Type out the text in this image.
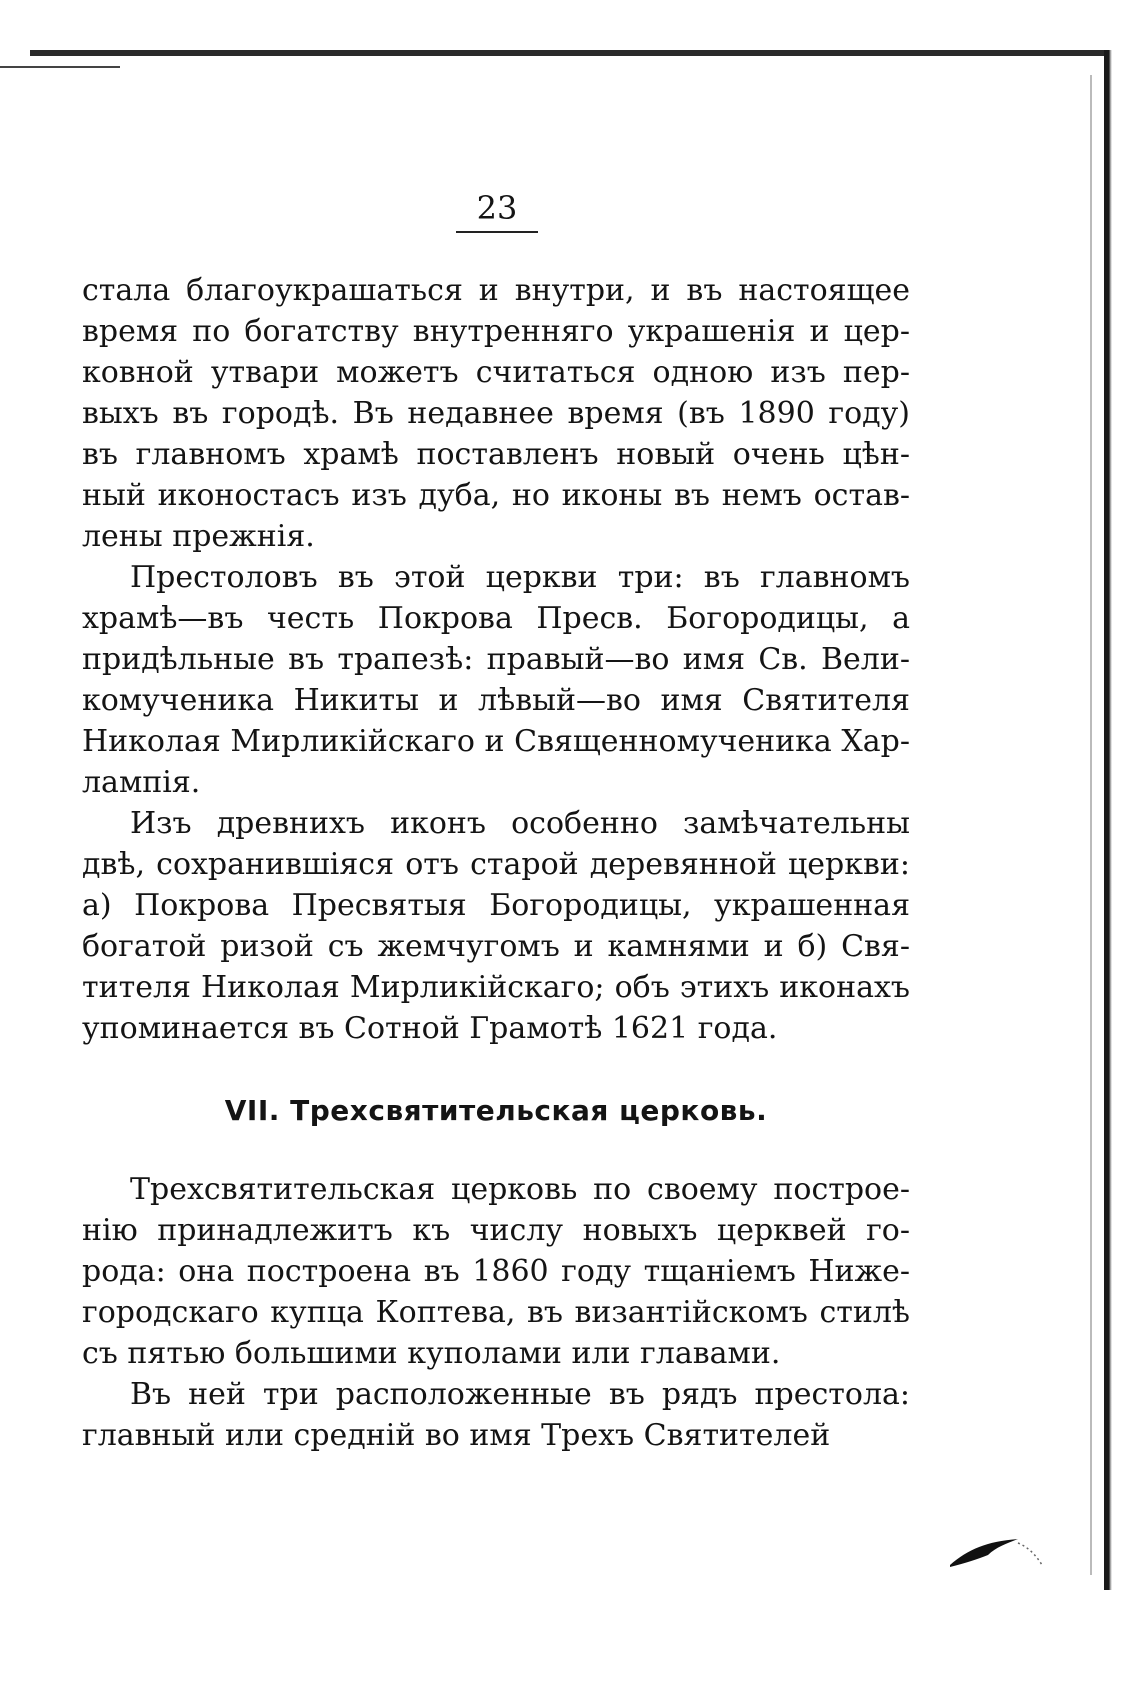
23

стала благоукрашаться и внутри, и въ настоящее время по богатству внутренняго украшенія и церковной утвари можетъ считаться одною изъ первыхъ въ городѣ. Въ недавнее время (въ 1890 году) въ главномъ храмѣ поставленъ новый очень цѣнный иконостасъ изъ дуба, но иконы въ немъ оставлены прежнія.

Престоловъ въ этой церкви три: въ главномъ храмѣ—въ честь Покрова Пресв. Богородицы, а придѣльные въ трапезѣ: правый—во имя Св. Великомученика Никиты и лѣвый—во имя Святителя Николая Мирликійскаго и Священномученика Харлампія.

Изъ древнихъ иконъ особенно замѣчательны двѣ, сохранившіяся отъ старой деревянной церкви: а) Покрова Пресвятыя Богородицы, украшенная богатой ризой съ жемчугомъ и камнями и б) Святителя Николая Мирликійскаго; объ этихъ иконахъ упоминается въ Сотной Грамотѣ 1621 года.

VII. Трехсвятительская церковь.

Трехсвятительская церковь по своему построенію принадлежитъ къ числу новыхъ церквей города: она построена въ 1860 году тщаніемъ Нижегородскаго купца Коптева, въ византійскомъ стилѣ съ пятью большими куполами или главами.

Въ ней три расположенные въ рядъ престола: главный или средній во имя Трехъ Святителей
